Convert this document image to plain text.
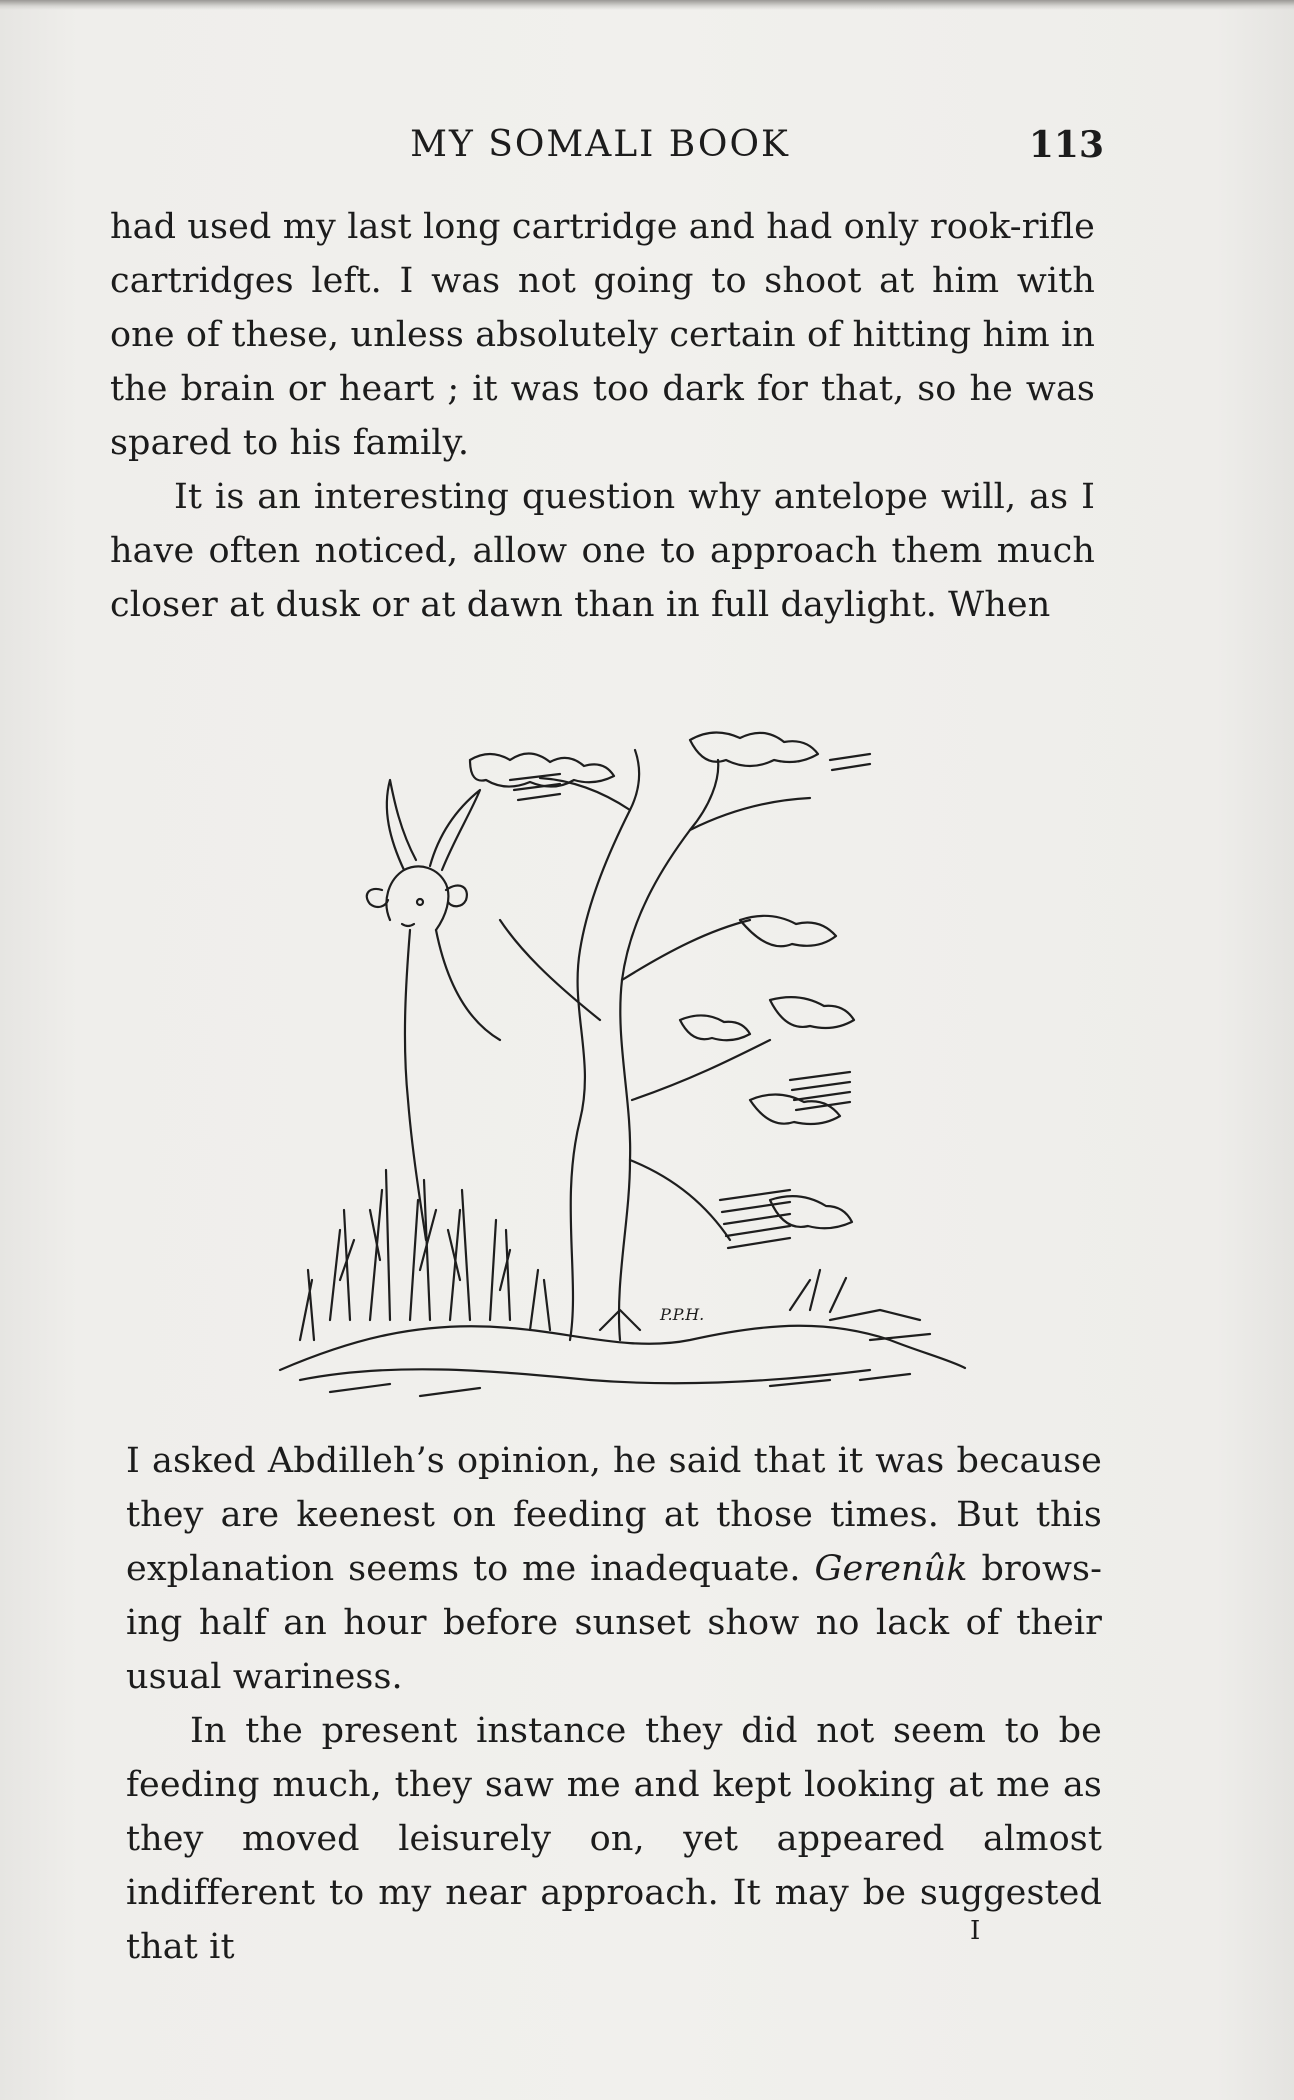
MY SOMALI BOOK	113

had used my last long cartridge and had only rook-rifle cartridges left. I was not going to shoot at him with one of these, unless absolutely certain of hitting him in the brain or heart ; it was too dark for that, so he was spared to his family.

It is an interesting question why antelope will, as I have often noticed, allow one to approach them much closer at dusk or at dawn than in full daylight. When

P.P.H.

I asked Abdilleh’s opinion, he said that it was because they are keenest on feeding at those times. But this explanation seems to me inadequate. Gerenûk brows-ing half an hour before sunset show no lack of their usual wariness.

In the present instance they did not seem to be feeding much, they saw me and kept looking at me as they moved leisurely on, yet appeared almost indifferent to my near approach. It may be suggested that it	I
